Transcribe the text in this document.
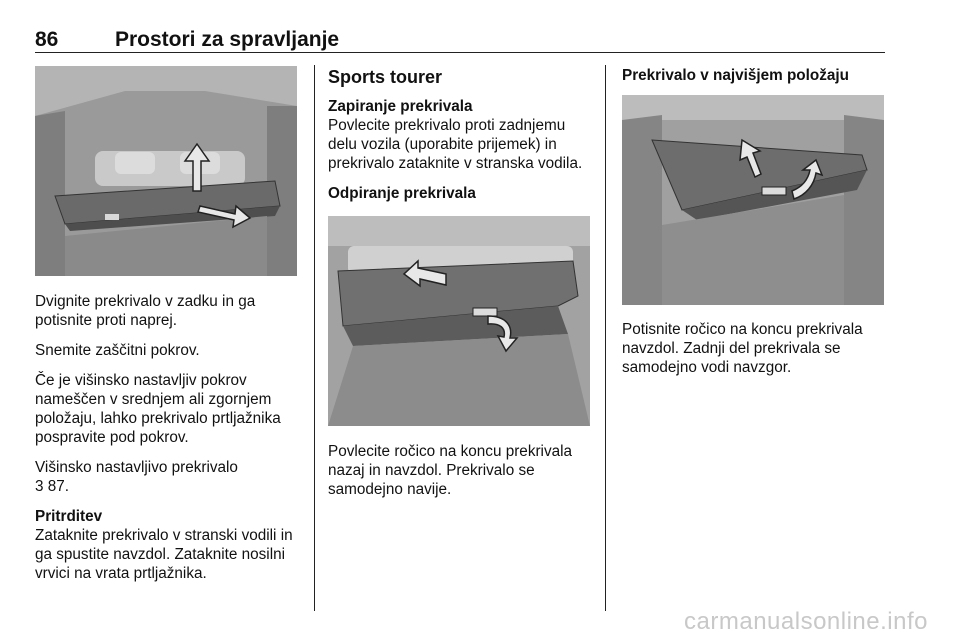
86	Prostori za spravljanje

Dvignite prekrivalo v zadku in ga potisnite proti naprej.

Snemite zaščitni pokrov.

Če je višinsko nastavljiv pokrov nameščen v srednjem ali zgornjem položaju, lahko prekrivalo prtljažnika pospravite pod pokrov.

Višinsko nastavljivo prekrivalo
3 87.

Pritrditev

Zataknite prekrivalo v stranski vodili in ga spustite navzdol. Zataknite nosilni vrvici na vrata prtljažnika.

Sports tourer
Zapiranje prekrivala

Povlecite prekrivalo proti zadnjemu delu vozila (uporabite prijemek) in prekrivalo zataknite v stranska vodila.

Odpiranje prekrivala

Povlecite ročico na koncu prekrivala nazaj in navzdol. Prekrivalo se samodejno navije.

Prekrivalo v najvišjem položaju

Potisnite ročico na koncu prekrivala navzdol. Zadnji del prekrivala se samodejno vodi navzgor.

carmanualsonline.info
